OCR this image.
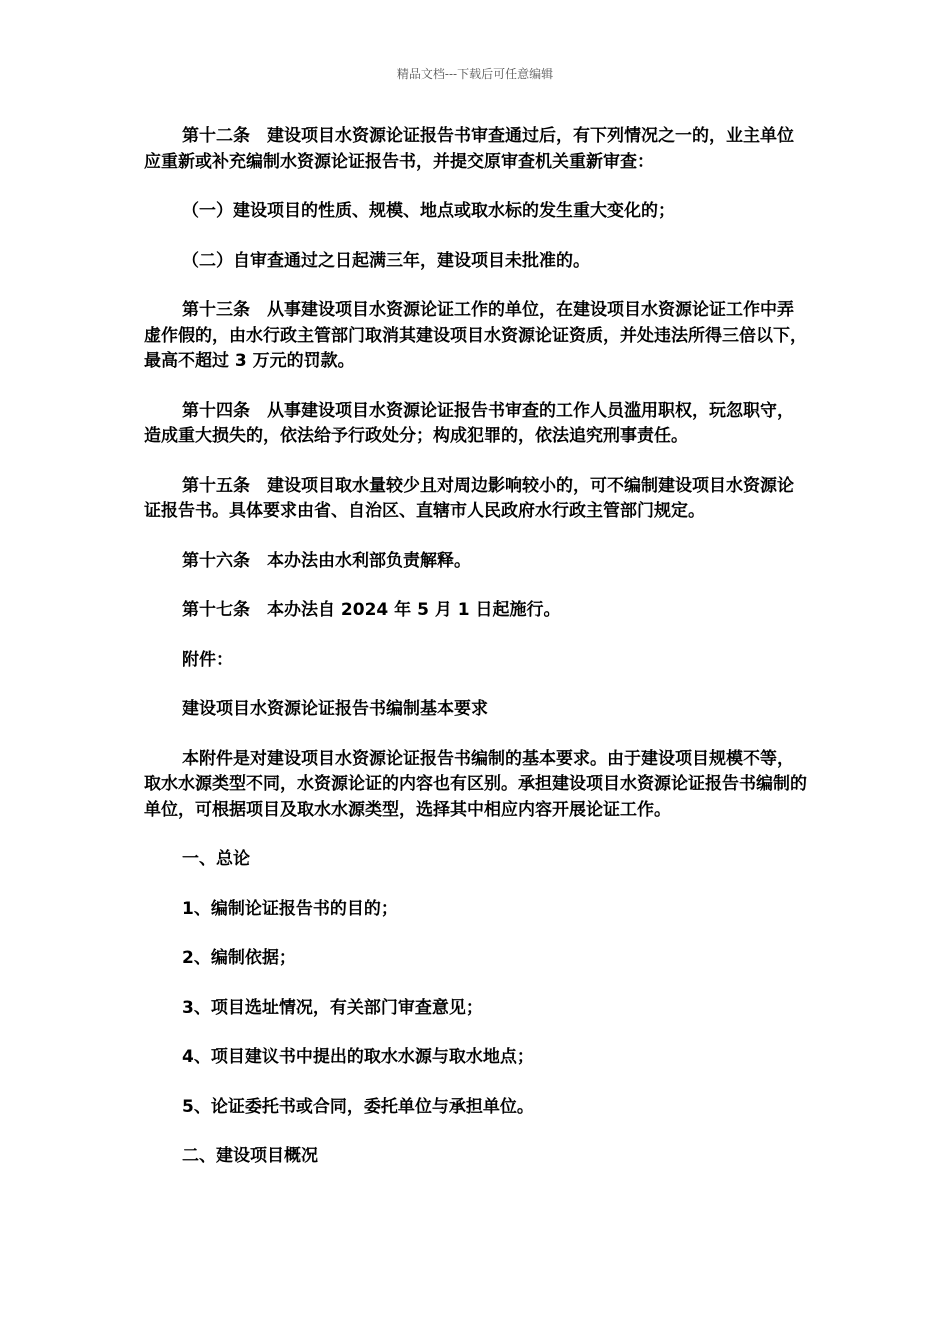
精品文档---下载后可任意编辑

第十二条　建设项目水资源论证报告书审查通过后，有下列情况之一的，业主单位应重新或补充编制水资源论证报告书，并提交原审查机关重新审查：

（一）建设项目的性质、规模、地点或取水标的发生重大变化的；

（二）自审查通过之日起满三年，建设项目未批准的。

第十三条　从事建设项目水资源论证工作的单位，在建设项目水资源论证工作中弄虚作假的，由水行政主管部门取消其建设项目水资源论证资质，并处违法所得三倍以下，最高不超过 3 万元的罚款。

第十四条　从事建设项目水资源论证报告书审查的工作人员滥用职权，玩忽职守，造成重大损失的，依法给予行政处分；构成犯罪的，依法追究刑事责任。

第十五条　建设项目取水量较少且对周边影响较小的，可不编制建设项目水资源论证报告书。具体要求由省、自治区、直辖市人民政府水行政主管部门规定。

第十六条　本办法由水利部负责解释。

第十七条　本办法自 2024 年 5 月 1 日起施行。

附件：

建设项目水资源论证报告书编制基本要求

本附件是对建设项目水资源论证报告书编制的基本要求。由于建设项目规模不等，取水水源类型不同，水资源论证的内容也有区别。承担建设项目水资源论证报告书编制的单位，可根据项目及取水水源类型，选择其中相应内容开展论证工作。

一、总论

1、编制论证报告书的目的；

2、编制依据；

3、项目选址情况，有关部门审查意见；

4、项目建议书中提出的取水水源与取水地点；

5、论证委托书或合同，委托单位与承担单位。

二、建设项目概况
